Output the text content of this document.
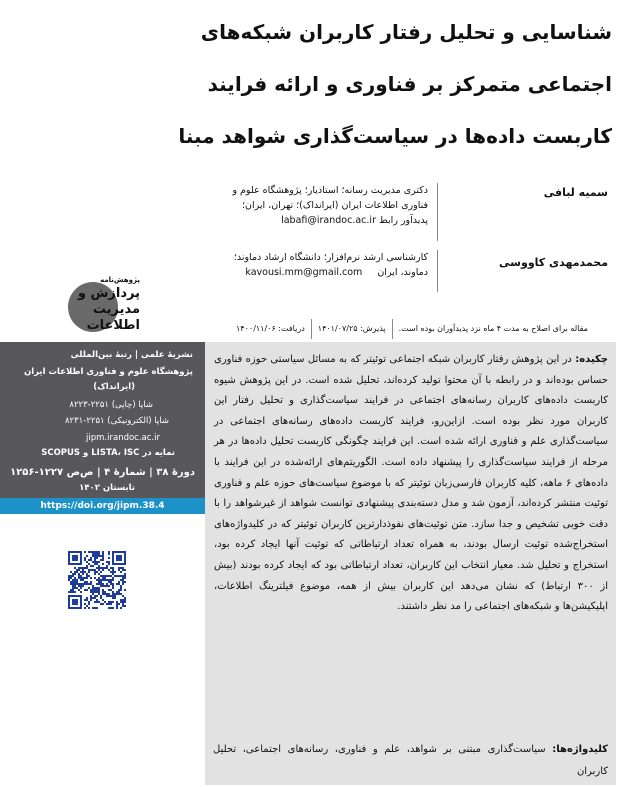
شناسایی و تحلیل رفتار کاربران شبکه‌های
اجتماعی متمرکز بر فناوری و ارائه فرایند
کاربست داده‌ها در سیاست‌گذاری شواهد مبنا
سمیه لبافی
دکتری مدیریت رسانه؛ استادیار؛ پژوهشگاه علوم و
فناوری اطلاعات ایران (ایرانداک)؛ تهران، ایران؛
پدیدآور رابط labafi@irandoc.ac.ir
محمدمهدی کاووسی
کارشناسی ارشد نرم‌افزار؛ دانشگاه ارشاد دماوند؛
دماوند، ایران kavousi.mm@gmail.com
پژوهش‌نامه
پردازش و
مدیریت
اطلاعات	دریافت: ۱۴۰۰/۱۱/۰۶	پذیرش: ۱۴۰۱/۰۷/۲۵	مقاله برای اصلاح به مدت ۴ ماه نزد پدیدآوران بوده است.
نشریهٔ علمی | رتبهٔ بین‌المللی
پژوهشگاه علوم و فناوری اطلاعات ایران
(ایرانداک)
شاپا (چاپی) ۲۲۵۱-۸۲۲۳
شاپا (الکترونیکی) ۲۲۵۱-۸۲۳۱
jipm.irandoc.ac.ir
نمایه در LISTA، ISC و SCOPUS
دورهٔ ۳۸ | شمارهٔ ۴ | ص‌ص ۱۲۲۷-۱۲۵۶
تابستان ۱۴۰۲
https://doi.org/jipm.38.4
چکیده: در این پژوهش رفتار کاربران شبکه اجتماعی توئیتر که به مسائل سیاستی حوزه فناوری حساس بوده‌اند و در رابطه با آن محتوا تولید کرده‌اند، تحلیل شده است. در این پژوهش شیوه کاربست داده‌های کاربران رسانه‌های اجتماعی در فرایند سیاست‌گذاری و تحلیل رفتار این کاربران مورد نظر بوده است. ازاین‌رو، فرایند کاربست داده‌های رسانه‌های اجتماعی در سیاست‌گذاری علم و فناوری ارائه شده است. این فرایند چگونگی کاربست تحلیل داده‌ها در هر مرحله از فرایند سیاست‌گذاری را پیشنهاد داده است. الگوریتم‌های ارائه‌شده در این فرایند با داده‌های ۶ ماهه، کلیه کاربران فارسی‌زبان توئیتر که با موضوع سیاست‌های حوزه علم و فناوری توئیت منتشر کرده‌اند، آزمون شد و مدل دسته‌بندی پیشنهادی توانست شواهد از غیرشواهد را با دقت خوبی تشخیص و جدا سازد. متن توئیت‌های نفوذدارترین کاربران توئیتر که در کلیدواژه‌های استخراج‌شده توئیت ارسال بودند، به همراه تعداد ارتباطاتی که توئیت آنها ایجاد کرده بود، استخراج و تحلیل شد. معیار انتخاب این کاربران، تعداد ارتباطاتی بود که ایجاد کرده بودند (بیش از ۳۰۰ ارتباط) که نشان می‌دهد این کاربران بیش از همه، موضوع فیلترینگ اطلاعات، اپلیکیشن‌ها و شبکه‌های اجتماعی را مد نظر داشتند.
کلیدواژه‌ها: سیاست‌گذاری مبتنی بر شواهد، علم و فناوری، رسانه‌های اجتماعی، تحلیل کاربران
